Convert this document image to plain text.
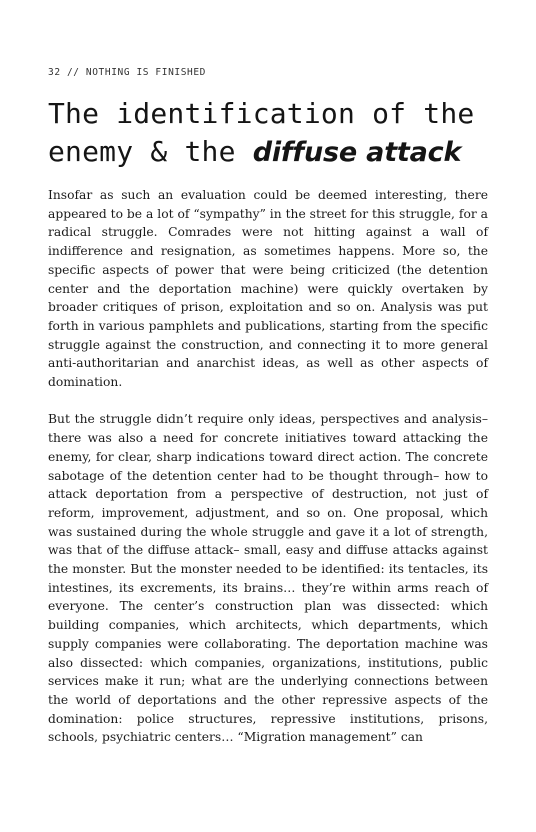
32 // NOTHING IS FINISHED
The identification of the
enemy & the diffuse attack

Insofar as such an evaluation could be deemed interesting, there appeared to be a lot of “sympathy” in the street for this struggle, for a radical struggle. Comrades were not hitting against a wall of indifference and resignation, as sometimes happens. More so, the specific aspects of power that were being criticized (the detention center and the deportation machine) were quickly overtaken by broader critiques of prison, exploitation and so on. Analysis was put forth in various pamphlets and publications, starting from the specific struggle against the construction, and connecting it to more general anti-authoritarian and anarchist ideas, as well as other aspects of domination.

But the struggle didn’t require only ideas, perspectives and analysis– there was also a need for concrete initiatives toward attacking the enemy, for clear, sharp indications toward direct action. The concrete sabotage of the detention center had to be thought through– how to attack deportation from a perspective of destruction, not just of reform, improvement, adjustment, and so on. One proposal, which was sustained during the whole struggle and gave it a lot of strength, was that of the diffuse attack– small, easy and diffuse attacks against the monster. But the monster needed to be identified: its tentacles, its intestines, its excrements, its brains… they’re within arms reach of everyone. The center’s construction plan was dissected: which building companies, which architects, which departments, which supply companies were collaborating. The deportation machine was also dissected: which companies, organizations, institutions, public services make it run; what are the underlying connections between the world of deportations and the other repressive aspects of the domination: police structures, repressive institutions, prisons, schools, psychiatric centers… “Migration management” can
